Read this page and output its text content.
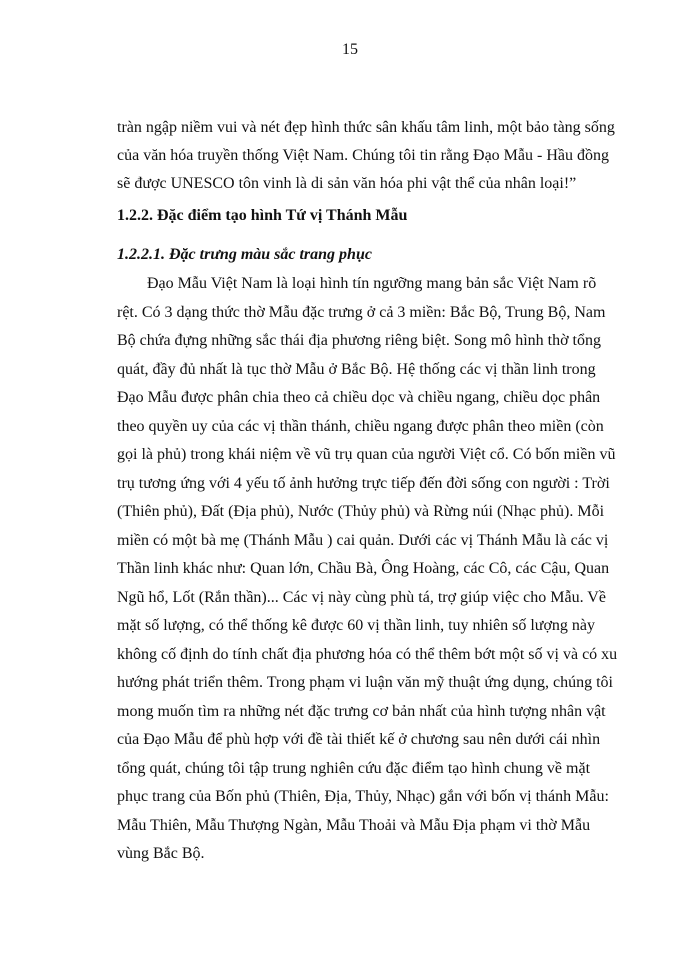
15

tràn ngập niềm vui và nét đẹp hình thức sân khấu tâm linh, một bảo tàng sống

của văn hóa truyền thống Việt Nam. Chúng tôi tin rằng Đạo Mẫu - Hầu đồng

sẽ được UNESCO tôn vinh là di sản văn hóa phi vật thể của nhân loại!”

1.2.2. Đặc điểm tạo hình Tứ vị Thánh Mẫu
1.2.2.1. Đặc trưng màu sắc trang phục

Đạo Mẫu Việt Nam là loại hình tín ngưỡng mang bản sắc Việt Nam rõ

rệt. Có 3 dạng thức thờ Mẫu đặc trưng ở cả 3 miền: Bắc Bộ, Trung Bộ, Nam

Bộ chứa đựng những sắc thái địa phương riêng biệt. Song mô hình thờ tổng

quát, đầy đủ nhất là tục thờ Mẫu ở Bắc Bộ. Hệ thống các vị thần linh trong

Đạo Mẫu được phân chia theo cả chiều dọc và chiều ngang, chiều dọc phân

theo quyền uy của các vị thần thánh, chiều ngang được phân theo miền (còn

gọi là phủ) trong khái niệm về vũ trụ quan của người Việt cổ. Có bốn miền vũ

trụ tương ứng với 4 yếu tố ảnh hưởng trực tiếp đến đời sống con người : Trời

(Thiên phủ), Đất (Địa phủ), Nước (Thủy phủ) và Rừng núi (Nhạc phủ). Mỗi

miền có một bà mẹ (Thánh Mẫu ) cai quản. Dưới các vị Thánh Mẫu là các vị

Thần linh khác như: Quan lớn, Chầu Bà, Ông Hoàng, các Cô, các Cậu, Quan

Ngũ hổ, Lốt (Rắn thần)... Các vị này cùng phù tá, trợ giúp việc cho Mẫu. Về

mặt số lượng, có thể thống kê được 60 vị thần linh, tuy nhiên số lượng này

không cố định do tính chất địa phương hóa có thể thêm bớt một số vị và có xu

hướng phát triển thêm. Trong phạm vi luận văn mỹ thuật ứng dụng, chúng tôi

mong muốn tìm ra những nét đặc trưng cơ bản nhất của hình tượng nhân vật

của Đạo Mẫu để phù hợp với đề tài thiết kế ở chương sau nên dưới cái nhìn

tổng quát, chúng tôi tập trung nghiên cứu đặc điểm tạo hình chung về mặt

phục trang của Bốn phủ (Thiên, Địa, Thủy, Nhạc) gắn với bốn vị thánh Mẫu:

Mẫu Thiên, Mẫu Thượng Ngàn, Mẫu Thoải và Mẫu Địa phạm vi thờ Mẫu

vùng Bắc Bộ.
